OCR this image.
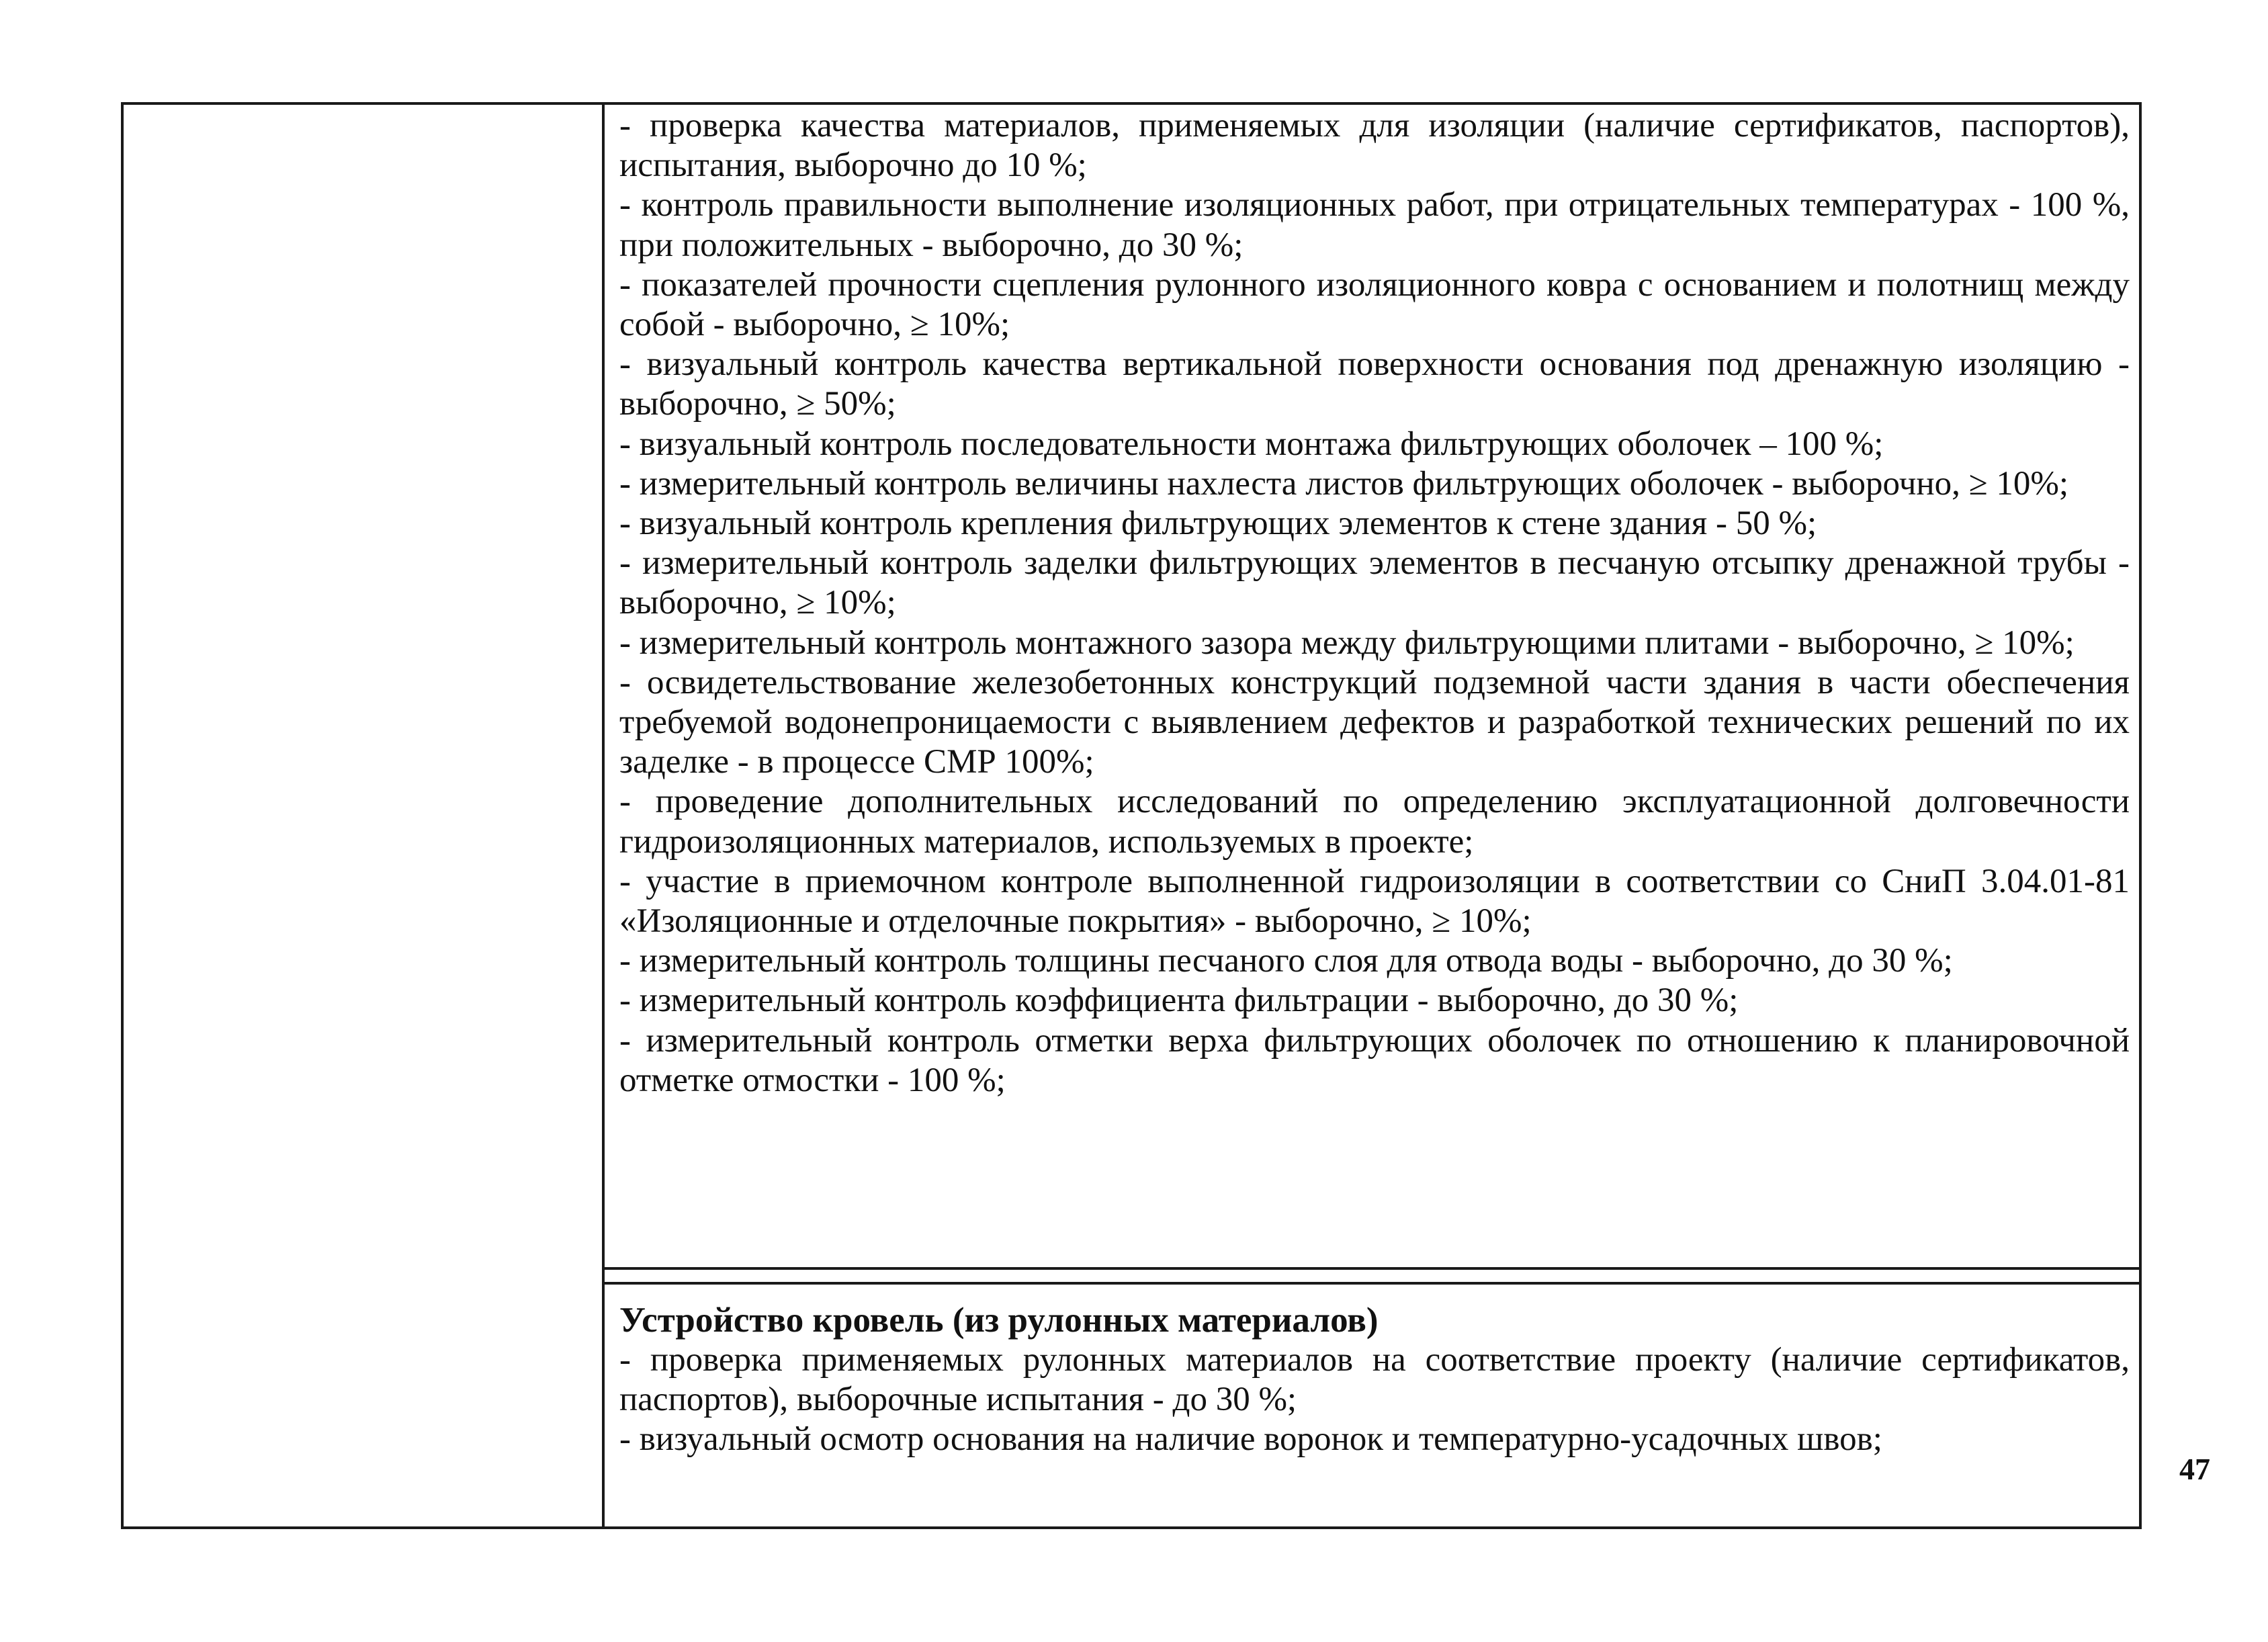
- проверка качества материалов, применяемых для изоляции (наличие сертификатов, паспортов), испытания, выборочно до 10 %;

- контроль правильности выполнение изоляционных работ, при отрицательных температурах - 100 %, при положительных - выборочно, до 30 %;

- показателей прочности сцепления рулонного изоляционного ковра с основанием и полотнищ между собой - выборочно, ≥ 10%;

- визуальный контроль качества вертикальной поверхности основания под дренажную изоляцию - выборочно, ≥ 50%;

- визуальный контроль последовательности монтажа фильтрующих оболочек – 100 %;

- измерительный контроль величины нахлеста листов фильтрующих оболочек - выборочно, ≥ 10%;

- визуальный контроль крепления фильтрующих элементов к стене здания - 50 %;

- измерительный контроль заделки фильтрующих элементов в песчаную отсыпку дренажной трубы - выборочно, ≥ 10%;

- измерительный контроль монтажного зазора между фильтрующими плитами - выборочно, ≥ 10%;

- освидетельствование железобетонных конструкций подземной части здания в части обеспечения требуемой водонепроницаемости с выявлением дефектов и разработкой технических решений по их заделке - в процессе СМР 100%;

- проведение дополнительных исследований по определению эксплуатационной долговечности гидроизоляционных материалов, используемых в проекте;

- участие в приемочном контроле выполненной гидроизоляции в соответствии со СниП 3.04.01-81 «Изоляционные и отделочные покрытия» - выборочно, ≥ 10%;

- измерительный контроль толщины песчаного слоя для отвода воды - выборочно, до 30 %;

- измерительный контроль коэффициента фильтрации - выборочно, до 30 %;

- измерительный контроль отметки верха фильтрующих оболочек по отношению к планировочной отметке отмостки - 100 %;

Устройство кровель (из рулонных материалов)

- проверка применяемых рулонных материалов на соответствие проекту (наличие сертификатов, паспортов), выборочные испытания - до 30 %;

- визуальный осмотр основания на наличие воронок и температурно-усадочных швов;

47
